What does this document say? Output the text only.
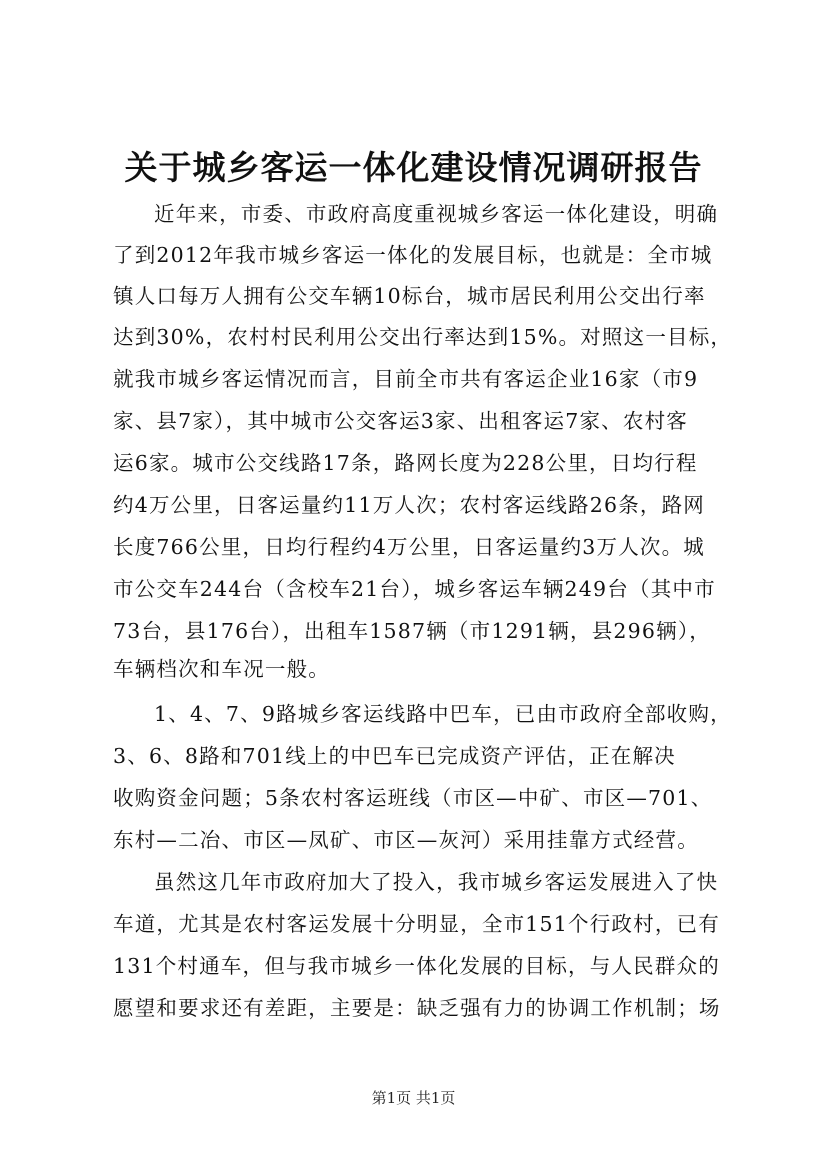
关于城乡客运一体化建设情况调研报告

近年来，市委、市政府高度重视城乡客运一体化建设，明确

了到2012年我市城乡客运一体化的发展目标，也就是：全市城

镇人口每万人拥有公交车辆10标台，城市居民利用公交出行率

达到30%，农村村民利用公交出行率达到15%。对照这一目标，

就我市城乡客运情况而言，目前全市共有客运企业16家（市9

家、县7家），其中城市公交客运3家、出租客运7家、农村客

运6家。城市公交线路17条，路网长度为228公里，日均行程

约4万公里，日客运量约11万人次；农村客运线路26条，路网

长度766公里，日均行程约4万公里，日客运量约3万人次。城

市公交车244台（含校车21台），城乡客运车辆249台（其中市

73台，县176台），出租车1587辆（市1291辆，县296辆），

车辆档次和车况一般。

1、4、7、9路城乡客运线路中巴车，已由市政府全部收购，

3、6、8路和701线上的中巴车已完成资产评估，正在解决

收购资金问题；5条农村客运班线（市区—中矿、市区—701、

东村—二冶、市区—凤矿、市区—灰河）采用挂靠方式经营。

虽然这几年市政府加大了投入，我市城乡客运发展进入了快

车道，尤其是农村客运发展十分明显，全市151个行政村，已有

131个村通车，但与我市城乡一体化发展的目标，与人民群众的

愿望和要求还有差距，主要是：缺乏强有力的协调工作机制；场

第1页 共1页
